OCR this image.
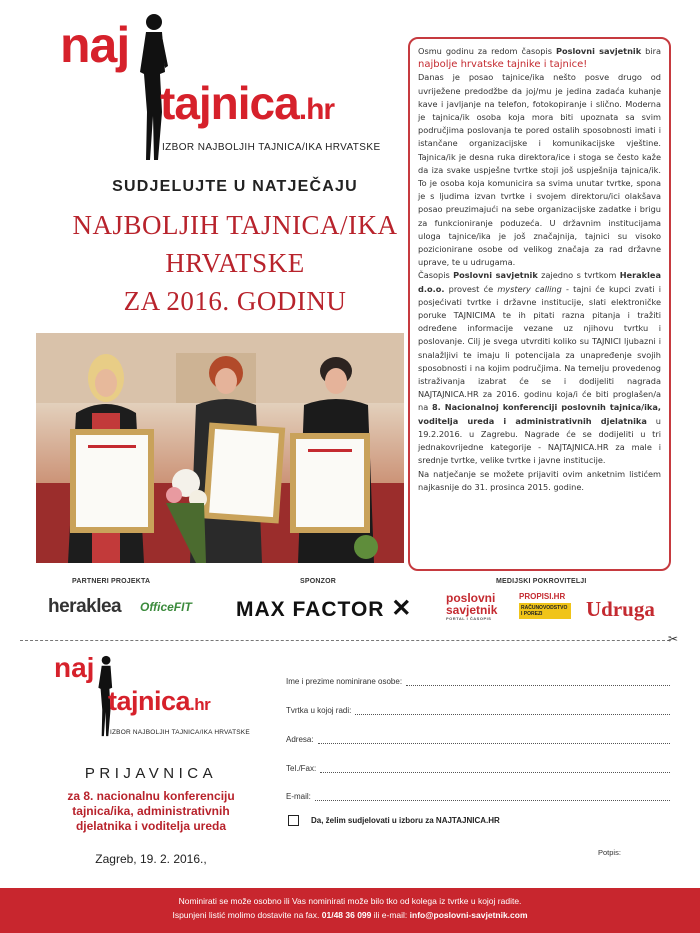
naj
tajnica.hr
IZBOR NAJBOLJIH TAJNICA/IKA HRVATSKE
SUDJELUJTE U NATJEČAJU
NAJBOLJIH TAJNICA/IKA
HRVATSKE
ZA 2016. GODINU

Osmu godinu za redom časopis Poslovni savjetnik bira najbolje hrvatske tajnike i tajnice!

Danas je posao tajnice/ika nešto posve drugo od uvriježene predodžbe da joj/mu je jedina zadaća kuhanje kave i javljanje na telefon, fotokopiranje i slično. Moderna je tajnica/ik osoba koja mora biti upoznata sa svim područjima poslovanja te pored ostalih sposobnosti imati i istančane organizacijske i komunikacijske vještine. Tajnica/ik je desna ruka direktora/ice i stoga se često kaže da iza svake uspješne tvrtke stoji još uspješnija tajnica/ik. To je osoba koja komunicira sa svima unutar tvrtke, spona je s ljudima izvan tvrtke i svojem direktoru/ici olakšava posao preuzimajući na sebe organizacijske zadatke i brigu za funkcioniranje poduzeća. U državnim institucijama uloga tajnice/ika je još značajnija, tajnici su visoko pozicionirane osobe od velikog značaja za rad državne uprave, te u udrugama.

Časopis Poslovni savjetnik zajedno s tvrtkom Heraklea d.o.o. provest će mystery calling - tajni će kupci zvati i posjećivati tvrtke i državne institucije, slati elektroničke poruke TAJNICIMA te ih pitati razna pitanja i tražiti određene informacije vezane uz njihovu tvrtku i poslovanje. Cilj je svega utvrditi koliko su TAJNICI ljubazni i snalažljivi te imaju li potencijala za unapređenje svojih sposobnosti i na kojim područjima. Na temelju provedenog istraživanja izabrat će se i dodijeliti nagrada NAJTAJNICA.HR za 2016. godinu koja/i će biti proglašen/a na 8. Nacionalnoj konferenciji poslovnih tajnica/ika, voditelja ureda i administrativnih djelatnika u 19.2.2016. u Zagrebu. Nagrade će se dodijeliti u tri jednakovrijedne kategorije - NAJTAJNICA.HR za male i srednje tvrtke, velike tvrtke i javne institucije.

Na natječanje se možete prijaviti ovim anketnim listićem najkasnije do 31. prosinca 2015. godine.

PARTNERI PROJEKTA	SPONZOR	MEDIJSKI POKROVITELJI
heraklea OfficeFIT MAX FACTOR ✕	poslovni savjetnik
PORTAL I ČASOPIS
PROPISI.HR
RAČUNOVODSTVO I POREZI	Udruga
✂
naj
tajnica.hr
IZBOR NAJBOLJIH TAJNICA/IKA HRVATSKE
PRIJAVNICA
za 8. nacionalnu konferenciju
tajnica/ika, administrativnih
djelatnika i voditelja ureda
Zagreb, 19. 2. 2016.,
Ime i prezime nominirane osobe:
Tvrtka u kojoj radi:
Adresa:
Tel./Fax:
E-mail:
Da, želim sudjelovati u izboru za NAJTAJNICA.HR
Potpis:
Nominirati se može osobno ili Vas nominirati može bilo tko od kolega iz tvrtke u kojoj radite.
Ispunjeni listić molimo dostavite na fax. 01/48 36 099 ili e-mail: info@poslovni-savjetnik.com
